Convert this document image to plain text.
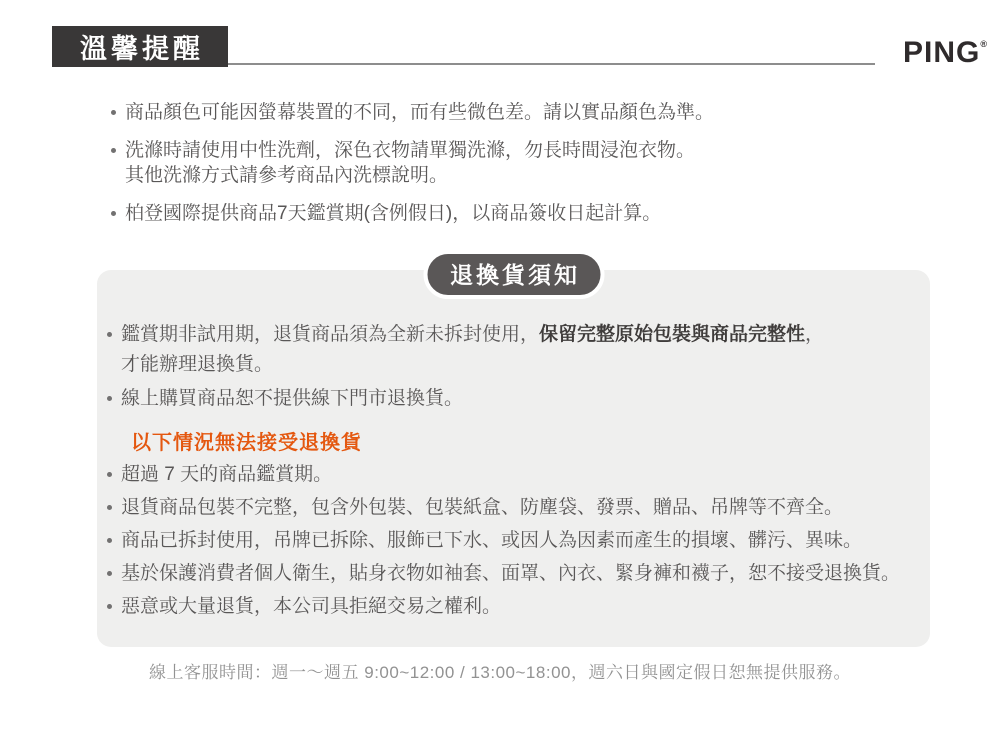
溫馨提醒	PING®

商品顏色可能因螢幕裝置的不同，而有些微色差。請以實品顏色為準。

洗滌時請使用中性洗劑，深色衣物請單獨洗滌，勿長時間浸泡衣物。
其他洗滌方式請參考商品內洗標說明。

柏登國際提供商品7天鑑賞期(含例假日)，以商品簽收日起計算。

退換貨須知

鑑賞期非試用期，退貨商品須為全新未拆封使用，保留完整原始包裝與商品完整性，
才能辦理退換貨。

線上購買商品恕不提供線下門市退換貨。

以下情況無法接受退換貨

超過 7 天的商品鑑賞期。

退貨商品包裝不完整，包含外包裝、包裝紙盒、防塵袋、發票、贈品、吊牌等不齊全。

商品已拆封使用，吊牌已拆除、服飾已下水、或因人為因素而產生的損壞、髒污、異味。

基於保護消費者個人衛生，貼身衣物如袖套、面罩、內衣、緊身褲和襪子，恕不接受退換貨。

惡意或大量退貨，本公司具拒絕交易之權利。

線上客服時間：週一～週五 9:00~12:00 / 13:00~18:00，週六日與國定假日恕無提供服務。
